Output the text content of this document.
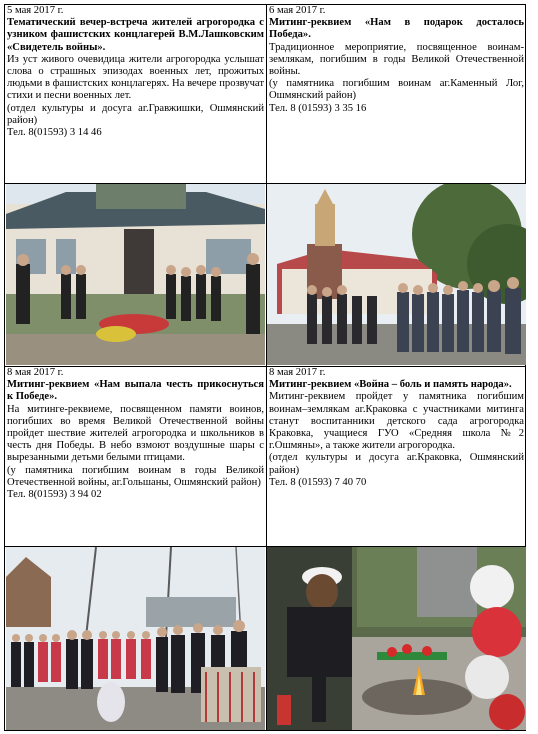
5 мая 2017 г.

Тематический вечер-встреча жителей агрогородка с узником фашистских концлагерей В.М.Лашковским «Свидетель войны».

Из уст живого очевидица жители агрогородка услышат слова о страшных эпизодах военных лет, прожитых людьми в фашистских концлагерях. На вечере прозвучат стихи и песни военных лет.

(отдел культуры и досуга аг.Гравжишки, Ошмянский район)

Тел. 8(01593) 3 14 46

6 мая 2017 г.

Митинг-реквием «Нам в подарок досталось Победа».

Традиционное мероприятие, посвященное воинам-землякам, погибшим в годы Великой Отечественной войны.

(у памятника погибшим воинам аг.Каменный Лог, Ошмянский район)

Тел. 8 (01593) 3 35 16

8 мая 2017 г.

Митинг-реквием «Нам выпала честь прикоснуться к Победе».

На митинге-реквиеме, посвященном памяти воинов, погибших во время Великой Отечественной войны пройдет шествие жителей агрогородка и школьников в честь дня Победы. В небо взмоют воздушные шары с вырезанными детьми белыми птицами.

(у памятника погибшим воинам в годы Великой Отечественной войны, аг.Гольшаны, Ошмянский район)

Тел. 8(01593) 3 94 02

8 мая 2017 г.

Митинг-реквием «Война – боль и память народа».

Митинг-реквием пройдет у памятника погибшим воинам–землякам аг.Краковка с участниками митинга станут воспитанники детского сада агрогородка Краковка, учащиеся ГУО «Средняя школа №2 г.Ошмяны», а также жители агрогородка.

(отдел культуры и досуга аг.Краковка, Ошмянский район)

Тел. 8 (01593) 7 40 70
